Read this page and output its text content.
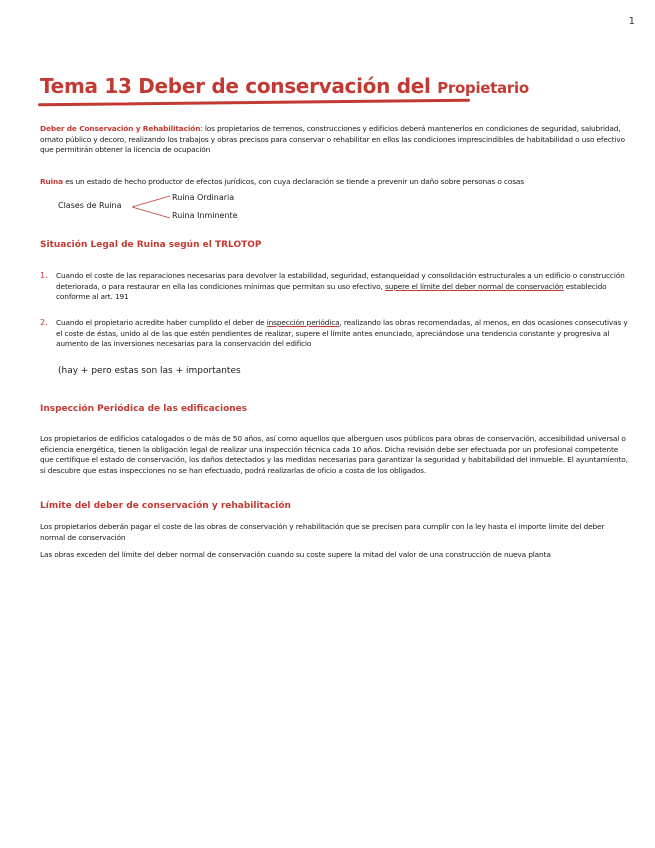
1
Tema 13 Deber de conservación del Propietario
Deber de Conservación y Rehabilitación: los propietarios de terrenos, construcciones y edificios deberá mantenerlos en condiciones de seguridad, salubridad, ornato público y decoro, realizando los trabajos y obras precisos para conservar o rehabilitar en ellos las condiciones imprescindibles de habitabilidad o uso efectivo que permitirán obtener la licencia de ocupación
Ruina es un estado de hecho productor de efectos jurídicos, con cuya declaración se tiende a prevenir un daño sobre personas o cosas
Clases de Ruina
Ruina Ordinaria
Ruina Inminente
Situación Legal de Ruina según el TRLOTOP
1. Cuando el coste de las reparaciones necesarias para devolver la estabilidad, seguridad, estanqueidad y consolidación estructurales a un edificio o construcción deteriorada, o para restaurar en ella las condiciones mínimas que permitan su uso efectivo, supere el límite del deber normal de conservación establecido conforme al art. 191
2. Cuando el propietario acredite haber cumplido el deber de inspección periódica, realizando las obras recomendadas, al menos, en dos ocasiones consecutivas y el coste de éstas, unido al de las que estén pendientes de realizar, supere el límite antes enunciado, apreciándose una tendencia constante y progresiva al aumento de las inversiones necesarias para la conservación del edificio
(hay + pero estas son las + importantes
Inspección Periódica de las edificaciones
Los propietarios de edificios catalogados o de más de 50 años, así como aquellos que alberguen usos públicos para obras de conservación, accesibilidad universal o eficiencia energética, tienen la obligación legal de realizar una inspección técnica cada 10 años. Dicha revisión debe ser efectuada por un profesional competente que certifique el estado de conservación, los daños detectados y las medidas necesarias para garantizar la seguridad y habitabilidad del inmueble. El ayuntamiento, si descubre que estas inspecciones no se han efectuado, podrá realizarlas de oficio a costa de los obligados.
Límite del deber de conservación y rehabilitación
Los propietarios deberán pagar el coste de las obras de conservación y rehabilitación que se precisen para cumplir con la ley hasta el importe límite del deber normal de conservación
Las obras exceden del límite del deber normal de conservación cuando su coste supere la mitad del valor de una construcción de nueva planta
